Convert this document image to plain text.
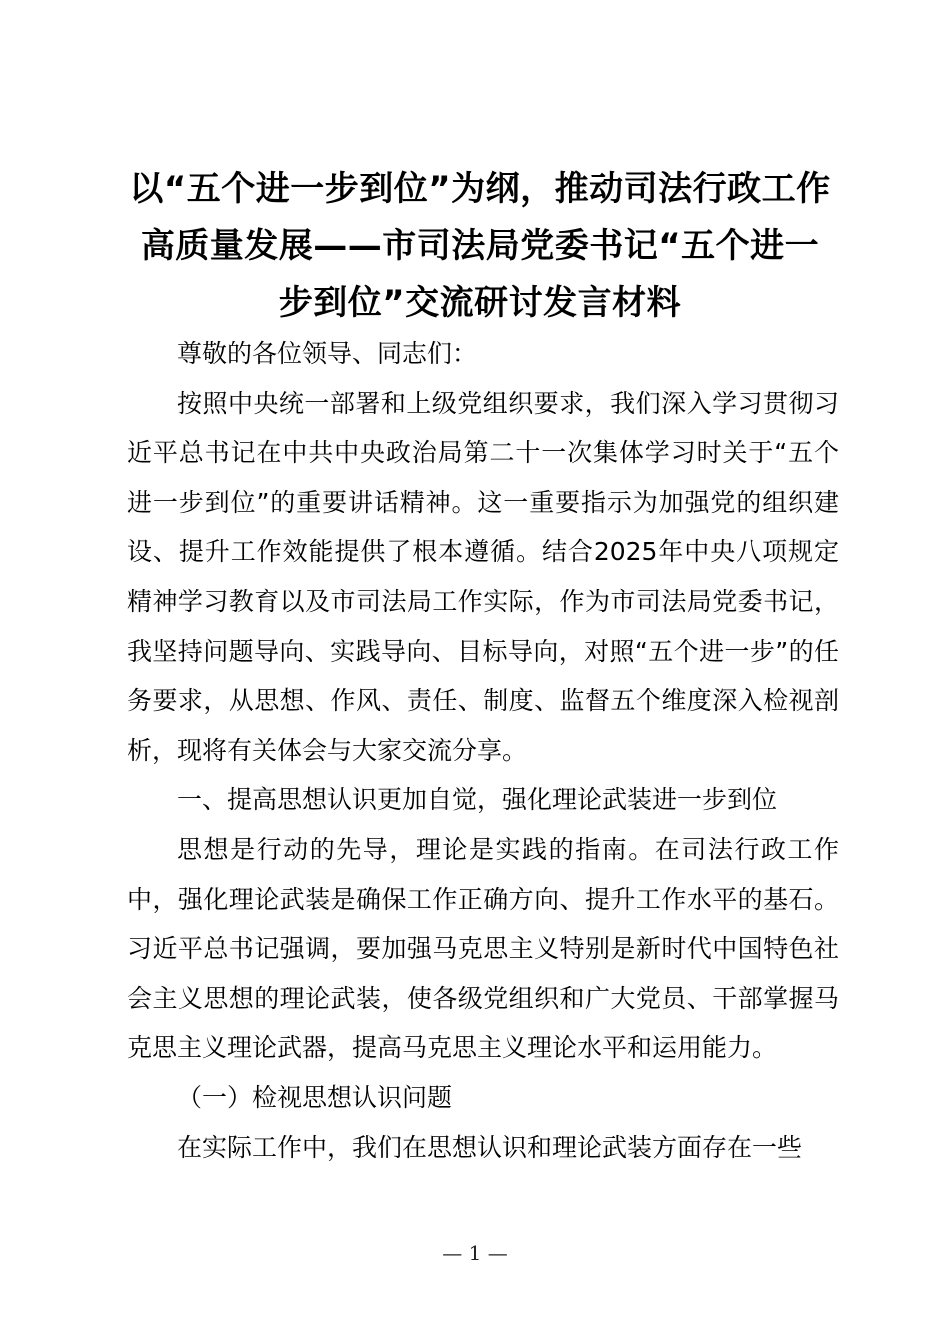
以“五个进一步到位”为纲，推动司法行政工作高质量发展——市司法局党委书记“五个进一步到位”交流研讨发言材料

尊敬的各位领导、同志们：

按照中央统一部署和上级党组织要求，我们深入学习贯彻习近平总书记在中共中央政治局第二十一次集体学习时关于“五个进一步到位”的重要讲话精神。这一重要指示为加强党的组织建设、提升工作效能提供了根本遵循。结合2025年中央八项规定精神学习教育以及市司法局工作实际，作为市司法局党委书记，我坚持问题导向、实践导向、目标导向，对照“五个进一步”的任务要求，从思想、作风、责任、制度、监督五个维度深入检视剖析，现将有关体会与大家交流分享。

一、提高思想认识更加自觉，强化理论武装进一步到位

思想是行动的先导，理论是实践的指南。在司法行政工作中，强化理论武装是确保工作正确方向、提升工作水平的基石。习近平总书记强调，要加强马克思主义特别是新时代中国特色社会主义思想的理论武装，使各级党组织和广大党员、干部掌握马克思主义理论武器，提高马克思主义理论水平和运用能力。

（一）检视思想认识问题

在实际工作中，我们在思想认识和理论武装方面存在一些

— 1 —
